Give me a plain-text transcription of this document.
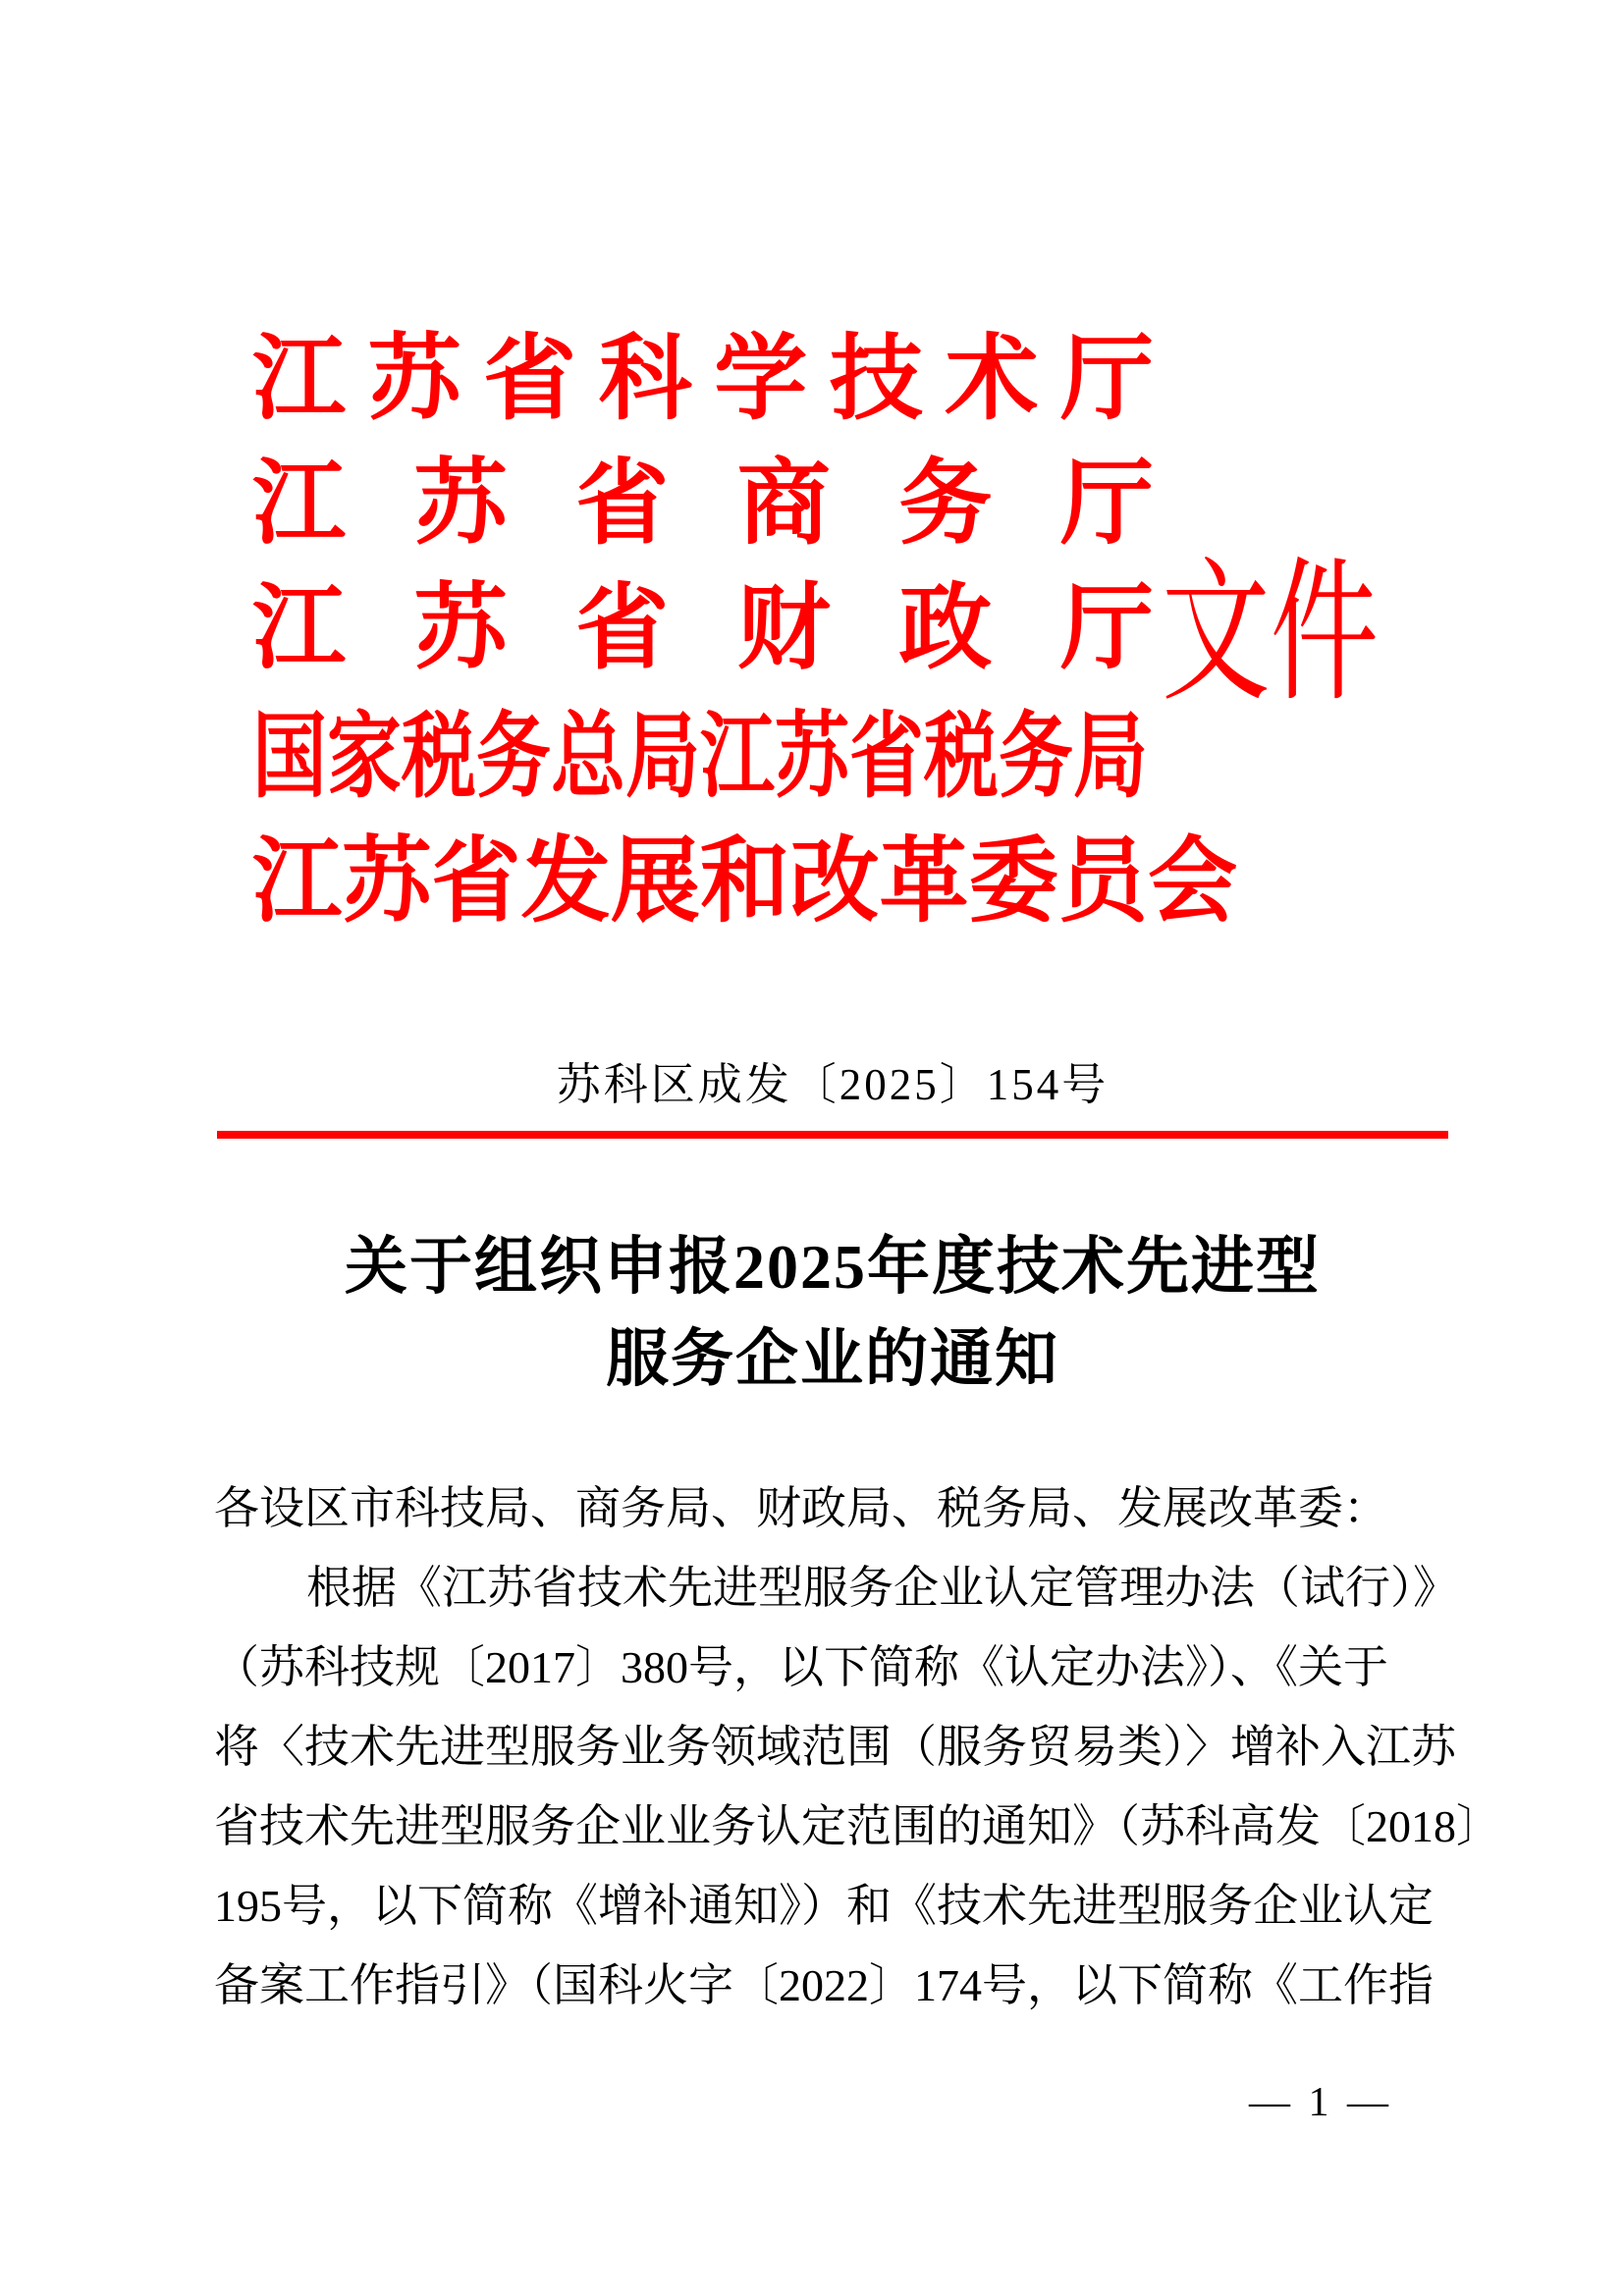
江苏省科学技术厅
江苏省商务厅
江苏省财政厅
国家税务总局江苏省税务局
江苏省发展和改革委员会
文件
苏科区成发〔2025〕154号
关于组织申报2025年度技术先进型
服务企业的通知
各设区市科技局、商务局、财政局、税务局、发展改革委：
根据《江苏省技术先进型服务企业认定管理办法（试行）》
（苏科技规〔2017〕380号，以下简称《认定办法》）、《关于
将〈技术先进型服务业务领域范围（服务贸易类）〉增补入江苏
省技术先进型服务企业业务认定范围的通知》（苏科高发〔2018〕
195号，以下简称《增补通知》）和《技术先进型服务企业认定
备案工作指引》（国科火字〔2022〕174号，以下简称《工作指
— 1 —
